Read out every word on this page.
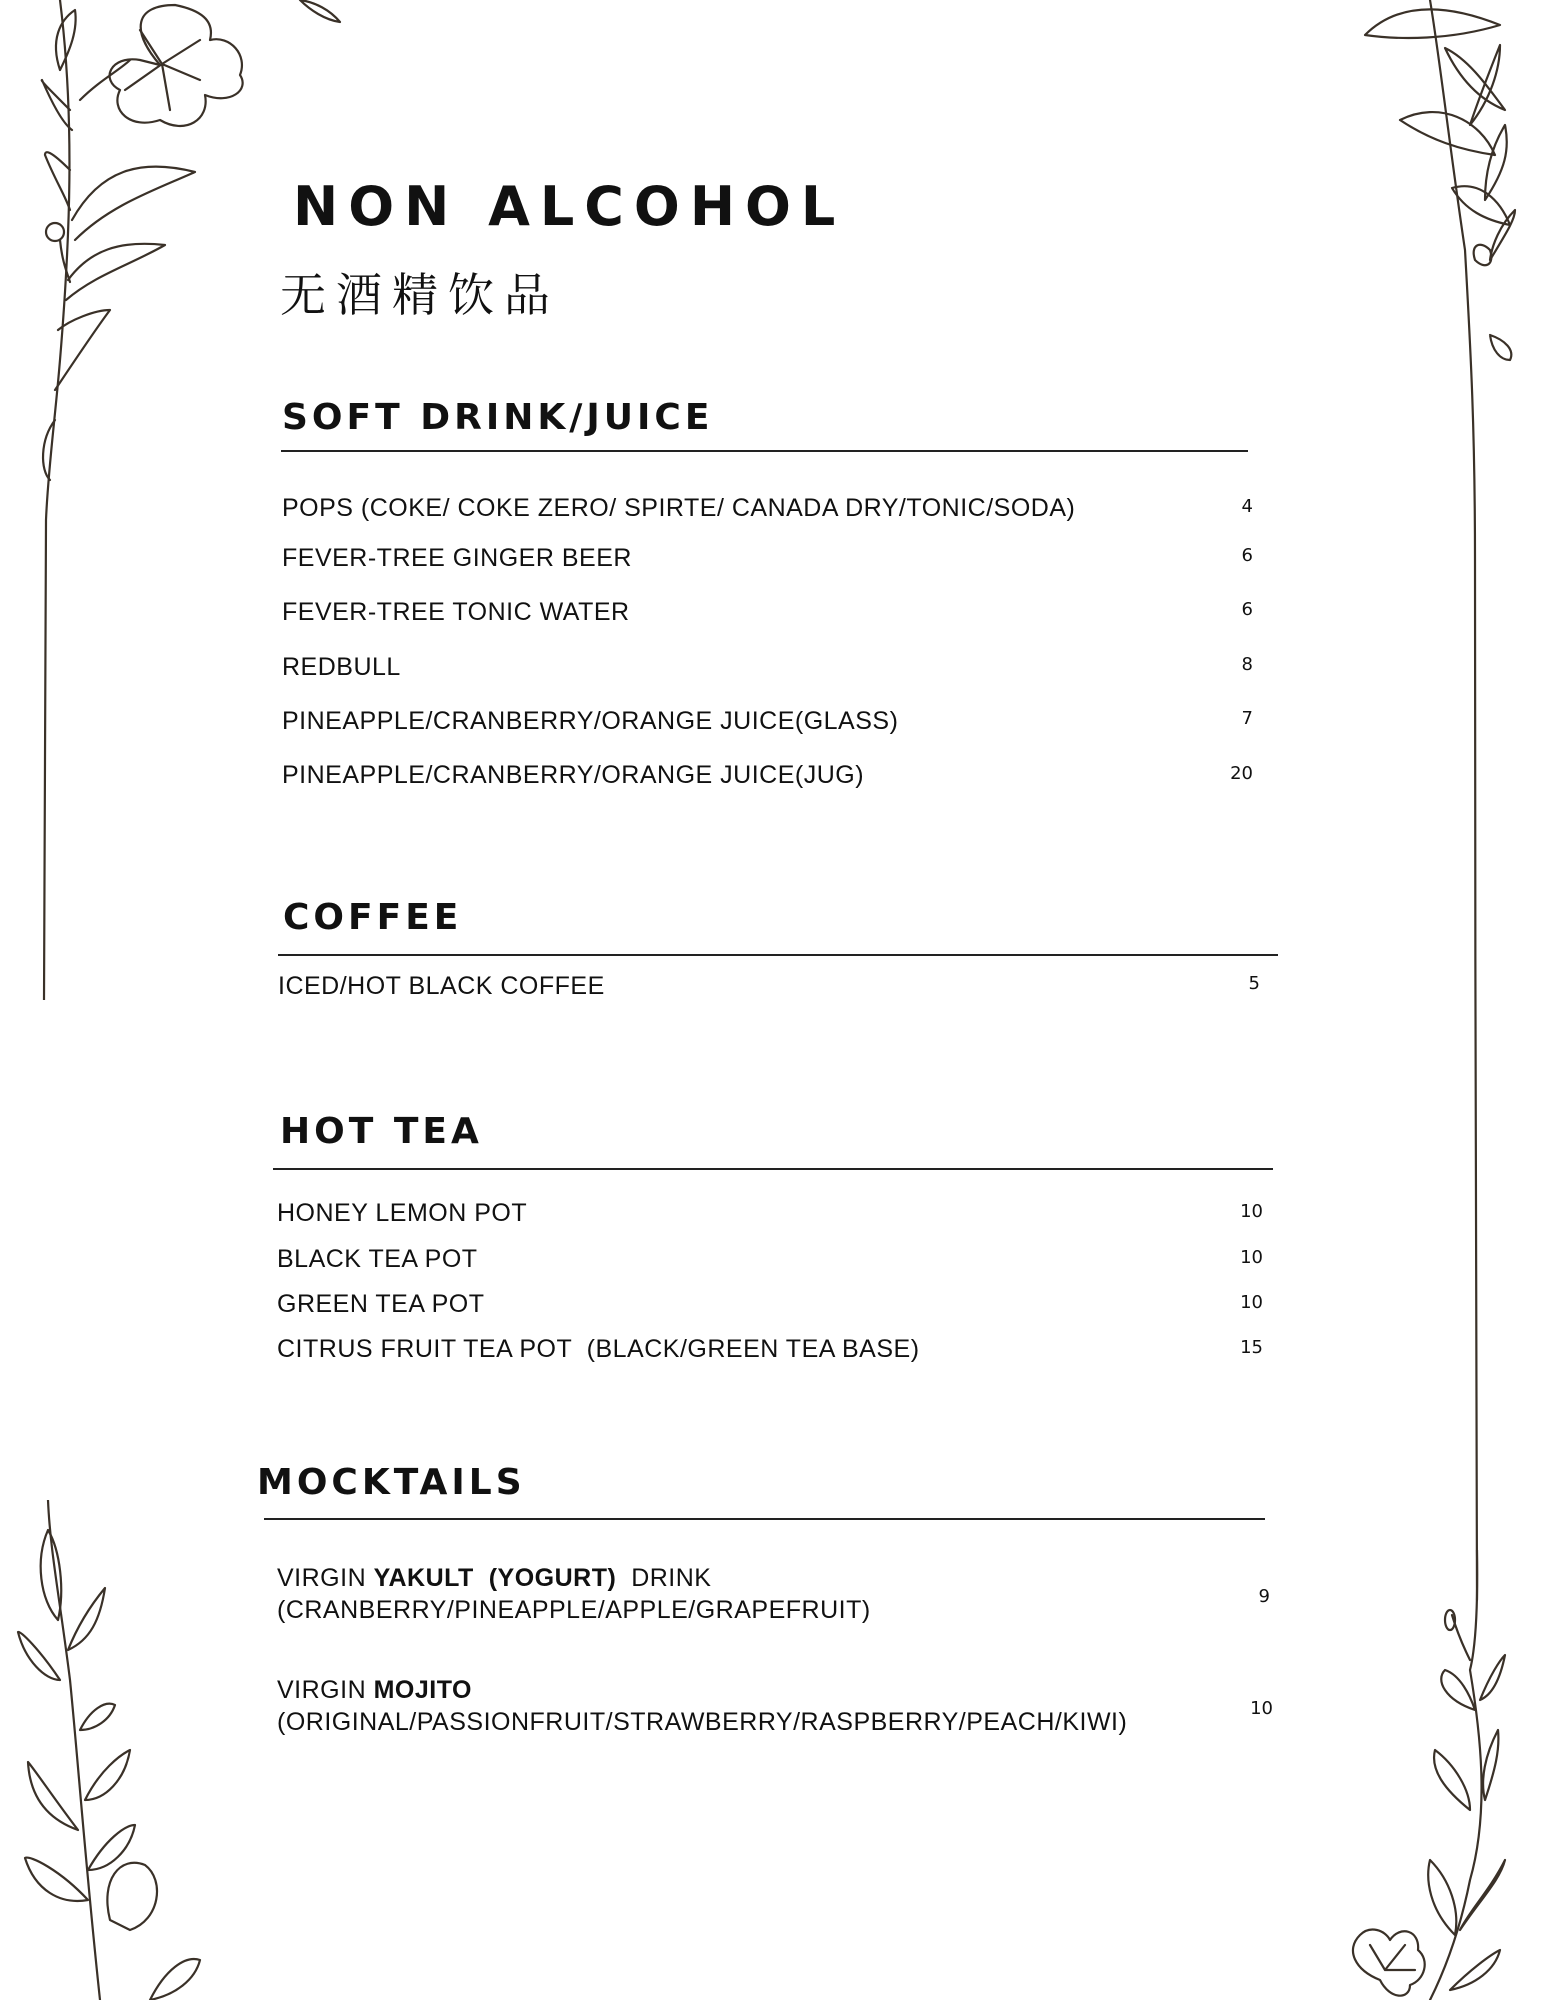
NON ALCOHOL
无酒精饮品
SOFT DRINK/JUICE
POPS (COKE/ COKE ZERO/ SPIRTE/ CANADA DRY/TONIC/SODA)	4
FEVER-TREE GINGER BEER	6
FEVER-TREE TONIC WATER	6
REDBULL	8
PINEAPPLE/CRANBERRY/ORANGE JUICE(GLASS)	7
PINEAPPLE/CRANBERRY/ORANGE JUICE(JUG)	20
COFFEE
ICED/HOT BLACK COFFEE	5
HOT TEA
HONEY LEMON POT	10
BLACK TEA POT	10
GREEN TEA POT	10
CITRUS FRUIT TEA POT  (BLACK/GREEN TEA BASE)	15
MOCKTAILS
VIRGIN YAKULT  (YOGURT) DRINK
(CRANBERRY/PINEAPPLE/APPLE/GRAPEFRUIT)	9
VIRGIN MOJITO
(ORIGINAL/PASSIONFRUIT/STRAWBERRY/RASPBERRY/PEACH/KIWI)	10
